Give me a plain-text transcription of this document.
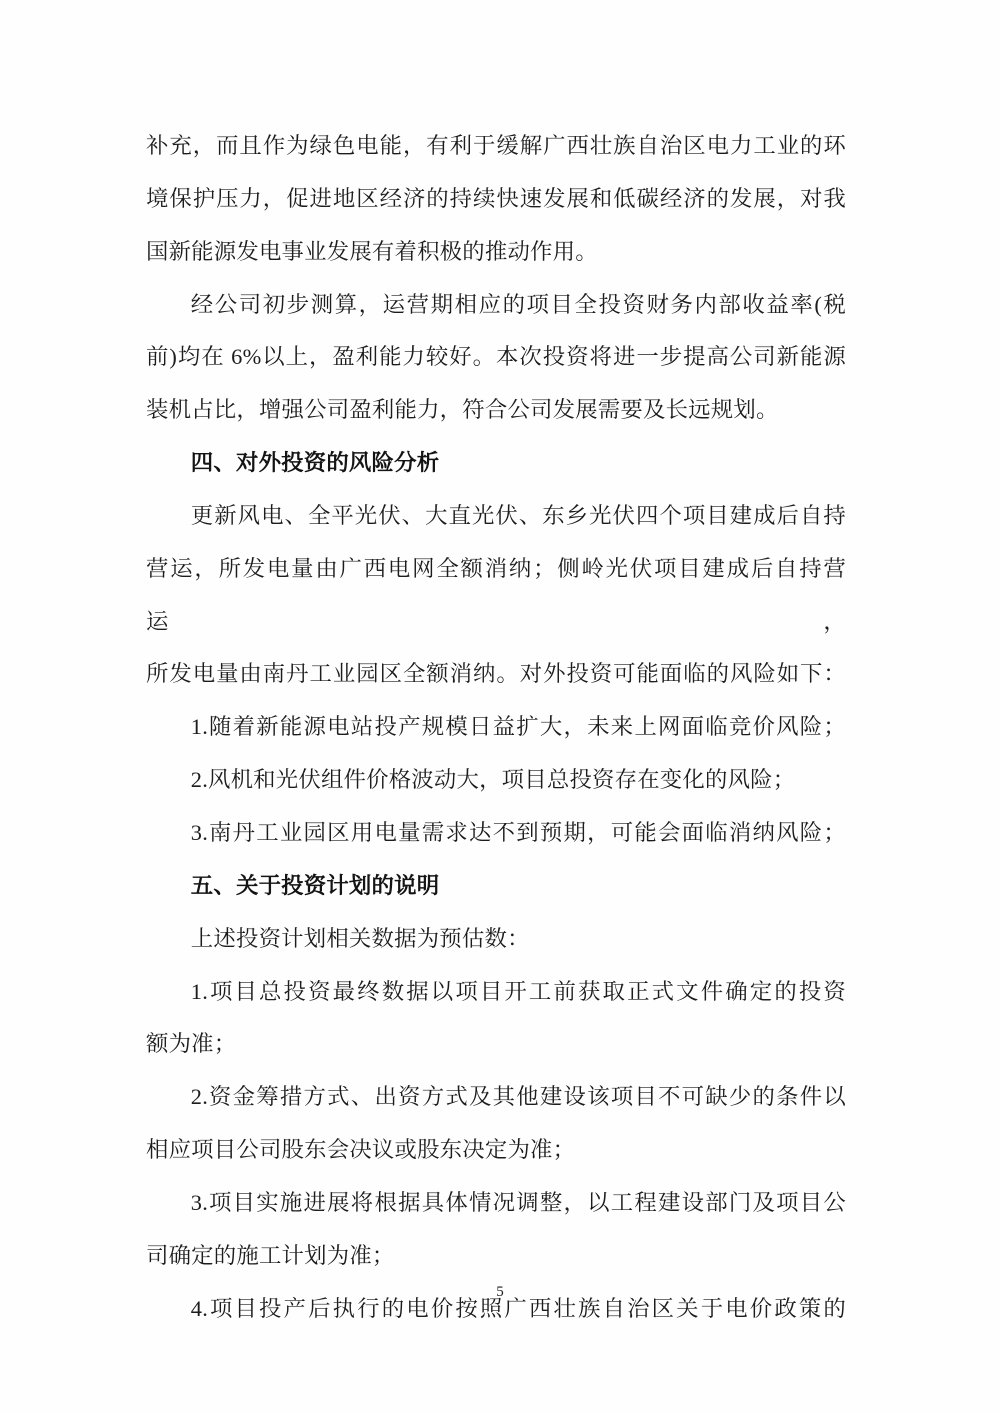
补充，而且作为绿色电能，有利于缓解广西壮族自治区电力工业的环
境保护压力，促进地区经济的持续快速发展和低碳经济的发展，对我
国新能源发电事业发展有着积极的推动作用。
经公司初步测算，运营期相应的项目全投资财务内部收益率(税
前)均在 6%以上，盈利能力较好。本次投资将进一步提高公司新能源
装机占比，增强公司盈利能力，符合公司发展需要及长远规划。
四、对外投资的风险分析
更新风电、全平光伏、大直光伏、东乡光伏四个项目建成后自持
营运，所发电量由广西电网全额消纳；侧岭光伏项目建成后自持营运，
所发电量由南丹工业园区全额消纳。对外投资可能面临的风险如下：
1.随着新能源电站投产规模日益扩大，未来上网面临竞价风险；
2.风机和光伏组件价格波动大，项目总投资存在变化的风险；
3.南丹工业园区用电量需求达不到预期，可能会面临消纳风险；
五、关于投资计划的说明
上述投资计划相关数据为预估数：
1.项目总投资最终数据以项目开工前获取正式文件确定的投资
额为准；
2.资金筹措方式、出资方式及其他建设该项目不可缺少的条件以
相应项目公司股东会决议或股东决定为准；
3.项目实施进展将根据具体情况调整，以工程建设部门及项目公
司确定的施工计划为准；
4.项目投产后执行的电价按照广西壮族自治区关于电价政策的
5
